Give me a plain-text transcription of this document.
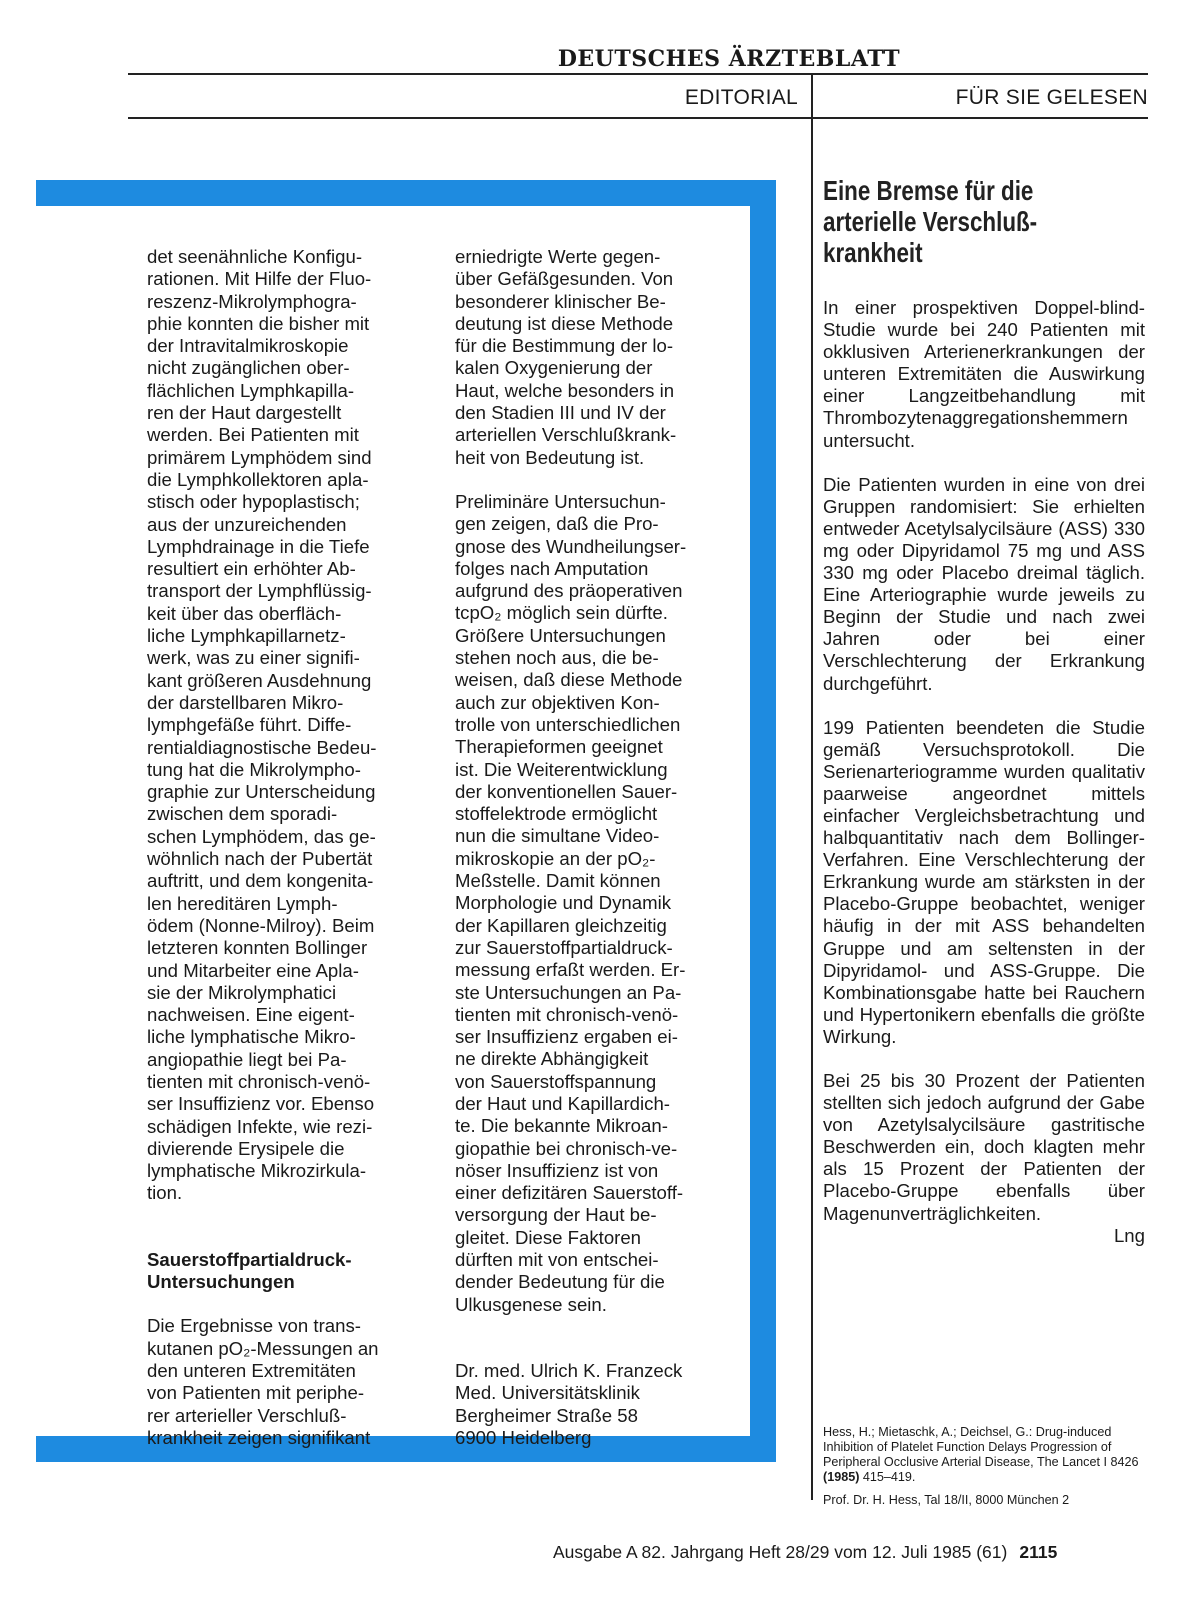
DEUTSCHES ÄRZTEBLATT
EDITORIAL	FÜR SIE GELESEN

det seenähnliche Konfigu-

rationen. Mit Hilfe der Fluo-

reszenz-Mikrolymphogra-

phie konnten die bisher mit

der Intravitalmikroskopie

nicht zugänglichen ober-

flächlichen Lymphkapilla-

ren der Haut dargestellt

werden. Bei Patienten mit

primärem Lymphödem sind

die Lymphkollektoren apla-

stisch oder hypoplastisch;

aus der unzureichenden

Lymphdrainage in die Tiefe

resultiert ein erhöhter Ab-

transport der Lymphflüssig-

keit über das oberfläch-

liche Lymphkapillarnetz-

werk, was zu einer signifi-

kant größeren Ausdehnung

der darstellbaren Mikro-

lymphgefäße führt. Diffe-

rentialdiagnostische Bedeu-

tung hat die Mikrolympho-

graphie zur Unterscheidung

zwischen dem sporadi-

schen Lymphödem, das ge-

wöhnlich nach der Pubertät

auftritt, und dem kongenita-

len hereditären Lymph-

ödem (Nonne-Milroy). Beim

letzteren konnten Bollinger

und Mitarbeiter eine Apla-

sie der Mikrolymphatici

nachweisen. Eine eigent-

liche lymphatische Mikro-

angiopathie liegt bei Pa-

tienten mit chronisch-venö-

ser Insuffizienz vor. Ebenso

schädigen Infekte, wie rezi-

divierende Erysipele die

lymphatische Mikrozirkula-

tion.

Sauerstoffpartialdruck-

Untersuchungen

Die Ergebnisse von trans-

kutanen pO₂-Messungen an

den unteren Extremitäten

von Patienten mit periphe-

rer arterieller Verschluß-

krankheit zeigen signifikant

erniedrigte Werte gegen-

über Gefäßgesunden. Von

besonderer klinischer Be-

deutung ist diese Methode

für die Bestimmung der lo-

kalen Oxygenierung der

Haut, welche besonders in

den Stadien III und IV der

arteriellen Verschlußkrank-

heit von Bedeutung ist.

Preliminäre Untersuchun-

gen zeigen, daß die Pro-

gnose des Wundheilungser-

folges nach Amputation

aufgrund des präoperativen

tcpO₂ möglich sein dürfte.

Größere Untersuchungen

stehen noch aus, die be-

weisen, daß diese Methode

auch zur objektiven Kon-

trolle von unterschiedlichen

Therapieformen geeignet

ist. Die Weiterentwicklung

der konventionellen Sauer-

stoffelektrode ermöglicht

nun die simultane Video-

mikroskopie an der pO₂-

Meßstelle. Damit können

Morphologie und Dynamik

der Kapillaren gleichzeitig

zur Sauerstoffpartialdruck-

messung erfaßt werden. Er-

ste Untersuchungen an Pa-

tienten mit chronisch-venö-

ser Insuffizienz ergaben ei-

ne direkte Abhängigkeit

von Sauerstoffspannung

der Haut und Kapillardich-

te. Die bekannte Mikroan-

giopathie bei chronisch-ve-

nöser Insuffizienz ist von

einer defizitären Sauerstoff-

versorgung der Haut be-

gleitet. Diese Faktoren

dürften mit von entschei-

dender Bedeutung für die

Ulkusgenese sein.

Dr. med. Ulrich K. Franzeck

Med. Universitätsklinik

Bergheimer Straße 58

6900 Heidelberg

Eine Bremse für die
arterielle Verschluß-
krankheit

In einer prospektiven Doppel-blind-Studie wurde bei 240 Patienten mit okklusiven Arterienerkrankungen der unteren Extremitäten die Auswirkung einer Langzeitbehandlung mit Thrombozytenaggregationshemmern untersucht.

Die Patienten wurden in eine von drei Gruppen randomisiert: Sie erhielten entweder Acetylsalycilsäure (ASS) 330 mg oder Dipyridamol 75 mg und ASS 330 mg oder Placebo dreimal täglich. Eine Arteriographie wurde jeweils zu Beginn der Studie und nach zwei Jahren oder bei einer Verschlechterung der Erkrankung durchgeführt.

199 Patienten beendeten die Studie gemäß Versuchsprotokoll. Die Serienarteriogramme wurden qualitativ paarweise angeordnet mittels einfacher Vergleichsbetrachtung und halbquantitativ nach dem Bollinger-Verfahren. Eine Verschlechterung der Erkrankung wurde am stärksten in der Placebo-Gruppe beobachtet, weniger häufig in der mit ASS behandelten Gruppe und am seltensten in der Dipyridamol- und ASS-Gruppe. Die Kombinationsgabe hatte bei Rauchern und Hypertonikern ebenfalls die größte Wirkung.

Bei 25 bis 30 Prozent der Patienten stellten sich jedoch aufgrund der Gabe von Azetylsalycilsäure gastritische Beschwerden ein, doch klagten mehr als 15 Prozent der Patienten der Placebo-Gruppe ebenfalls über Magenunverträglichkeiten.

Lng
Hess, H.; Mietaschk, A.; Deichsel, G.: Drug-induced Inhibition of Platelet Function Delays Progression of Peripheral Occlusive Arterial Disease, The Lancet I 8426 (1985) 415–419.
Prof. Dr. H. Hess, Tal 18/II, 8000 München 2
Ausgabe A 82. Jahrgang Heft 28/29 vom 12. Juli 1985 (61) 2115
